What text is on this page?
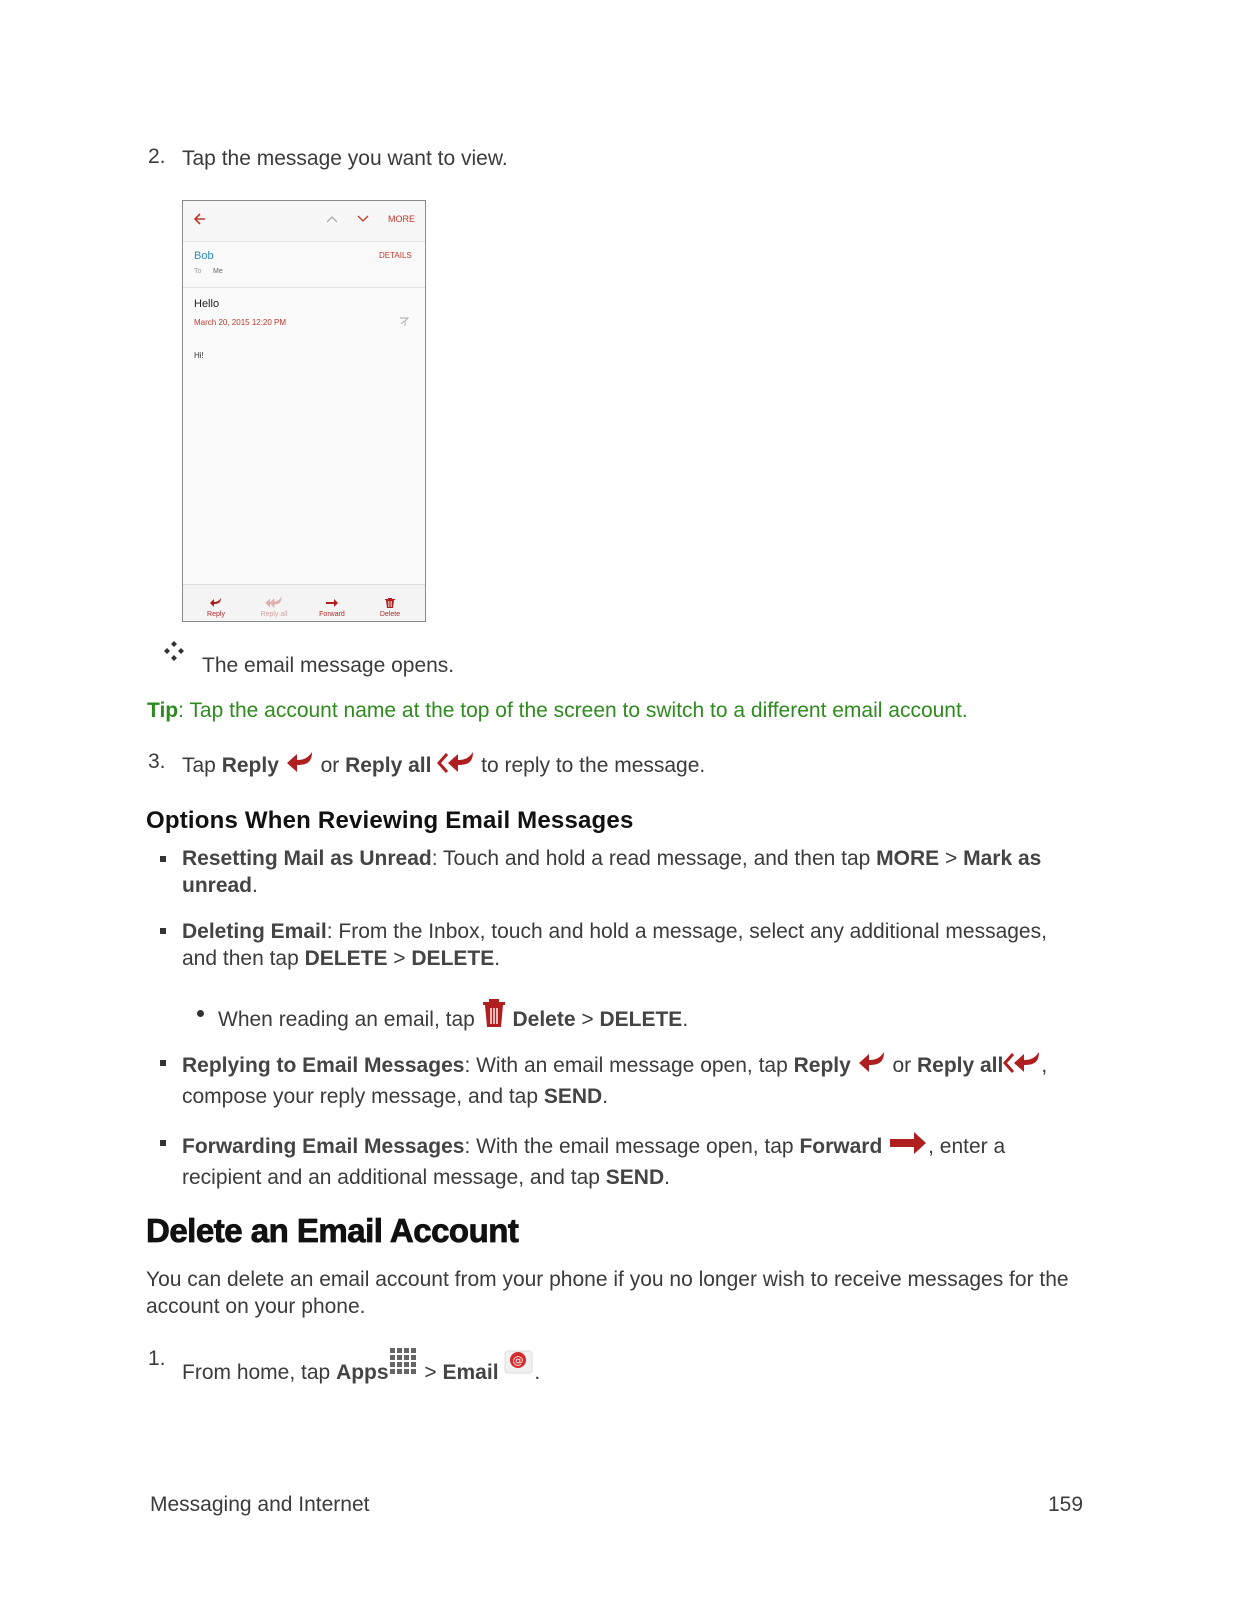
2. Tap the message you want to view.

MORE
Bob	DETAILS
To Me
Hello
March 20, 2015 12:20 PM
Hi!
Reply	Reply all	Forward	Delete

The email message opens.

Tip: Tap the account name at the top of the screen to switch to a different email account.

3. Tap Reply  or Reply all  to reply to the message.

Options When Reviewing Email Messages

Resetting Mail as Unread: Touch and hold a read message, and then tap MORE > Mark as
unread.

Deleting Email: From the Inbox, touch and hold a message, select any additional messages,
and then tap DELETE > DELETE.

When reading an email, tap  Delete > DELETE.

Replying to Email Messages: With an email message open, tap Reply  or Reply all ,
compose your reply message, and tap SEND.

Forwarding Email Messages: With the email message open, tap Forward , enter a
recipient and an additional message, and tap SEND.

Delete an Email Account

You can delete an email account from your phone if you no longer wish to receive messages for the

account on your phone.

1.

From home, tap Apps > Email
@
.

Messaging and Internet	159
